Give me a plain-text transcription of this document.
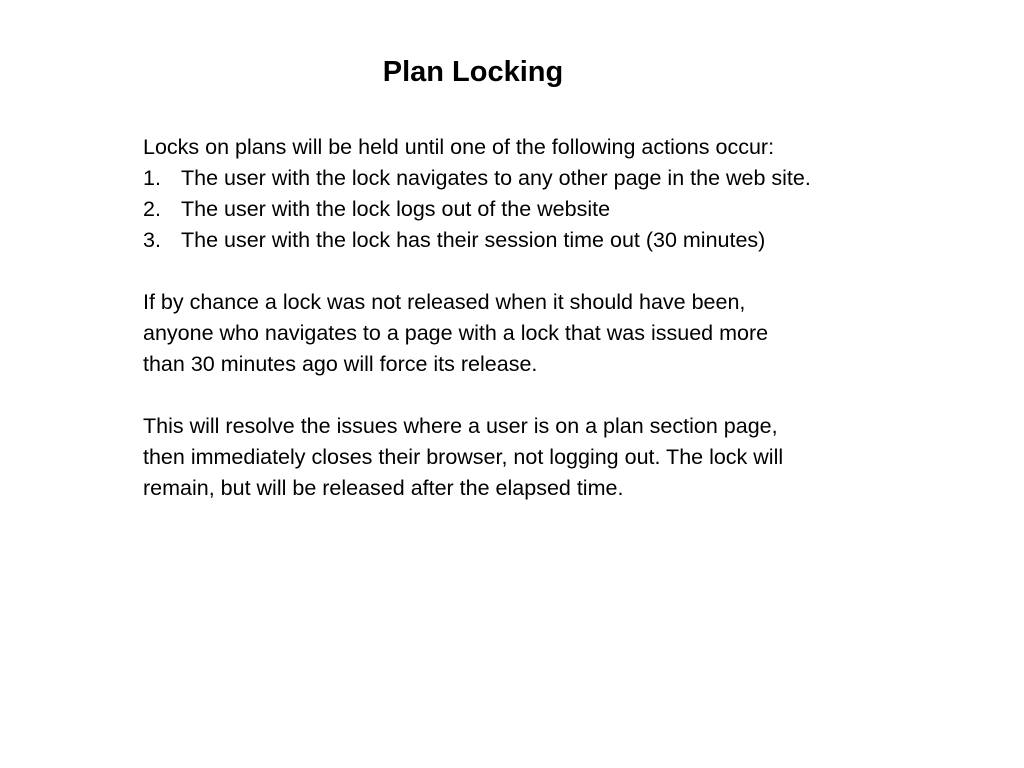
Plan Locking

Locks on plans will be held until one of the following actions occur:

1. The user with the lock navigates to any other page in the web site.
2. The user with the lock logs out of the website
3. The user with the lock has their session time out (30 minutes)

If by chance a lock was not released when it should have been, anyone who navigates to a page with a lock that was issued more than 30 minutes ago will force its release.

This will resolve the issues where a user is on a plan section page, then immediately closes their browser, not logging out. The lock will remain, but will be released after the elapsed time.
